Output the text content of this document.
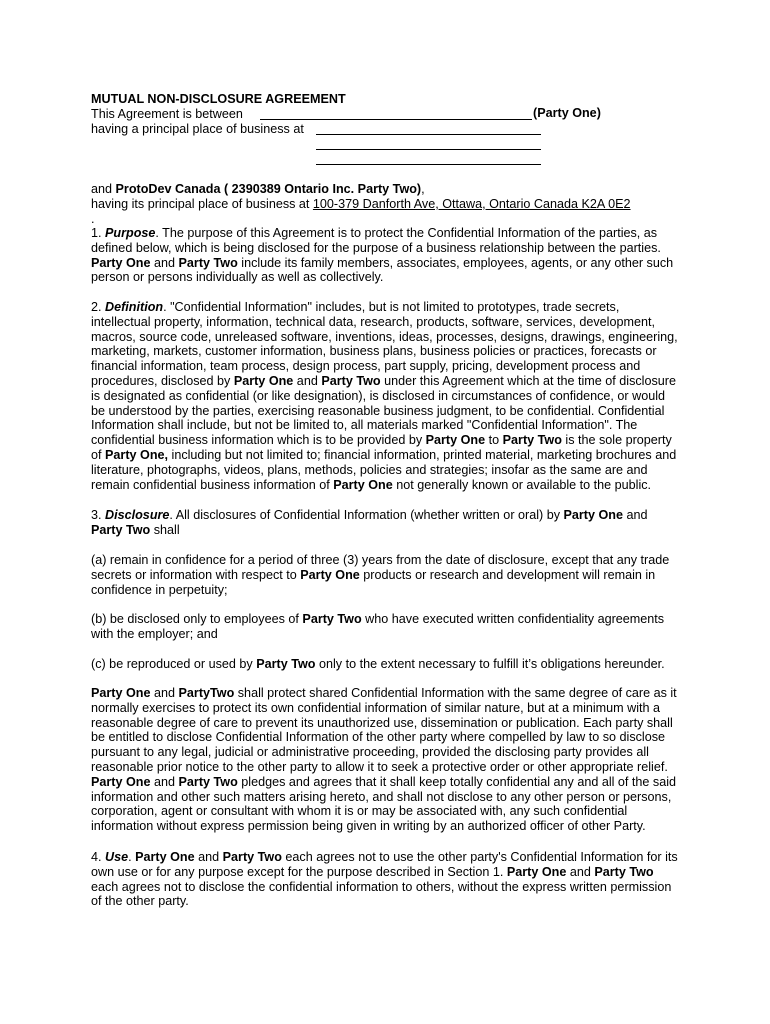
MUTUAL NON-DISCLOSURE AGREEMENT
This Agreement is between
having a principal place of business at
(Party One)
and ProtoDev Canada ( 2390389 Ontario Inc. Party Two),
having its principal place of business at 100-379 Danforth Ave, Ottawa, Ontario Canada K2A 0E2
.
1. Purpose. The purpose of this Agreement is to protect the Confidential Information of the parties, as
defined below, which is being disclosed for the purpose of a business relationship between the parties.
Party One and Party Two include its family members, associates, employees, agents, or any other such
person or persons individually as well as collectively.
2. Definition. "Confidential Information" includes, but is not limited to prototypes, trade secrets,
intellectual property, information, technical data, research, products, software, services, development,
macros, source code, unreleased software, inventions, ideas, processes, designs, drawings, engineering,
marketing, markets, customer information, business plans, business policies or practices, forecasts or
financial information, team process, design process, part supply, pricing, development process and
procedures, disclosed by Party One and Party Two under this Agreement which at the time of disclosure
is designated as confidential (or like designation), is disclosed in circumstances of confidence, or would
be understood by the parties, exercising reasonable business judgment, to be confidential. Confidential
Information shall include, but not be limited to, all materials marked "Confidential Information". The
confidential business information which is to be provided by Party One to Party Two is the sole property
of Party One, including but not limited to; financial information, printed material, marketing brochures and
literature, photographs, videos, plans, methods, policies and strategies; insofar as the same are and
remain confidential business information of Party One not generally known or available to the public.
3. Disclosure. All disclosures of Confidential Information (whether written or oral) by Party One and
Party Two shall
(a) remain in confidence for a period of three (3) years from the date of disclosure, except that any trade
secrets or information with respect to Party One products or research and development will remain in
confidence in perpetuity;
(b) be disclosed only to employees of Party Two who have executed written confidentiality agreements
with the employer; and
(c) be reproduced or used by Party Two only to the extent necessary to fulfill it’s obligations hereunder.
Party One and PartyTwo shall protect shared Confidential Information with the same degree of care as it
normally exercises to protect its own confidential information of similar nature, but at a minimum with a
reasonable degree of care to prevent its unauthorized use, dissemination or publication. Each party shall
be entitled to disclose Confidential Information of the other party where compelled by law to so disclose
pursuant to any legal, judicial or administrative proceeding, provided the disclosing party provides all
reasonable prior notice to the other party to allow it to seek a protective order or other appropriate relief.
Party One and Party Two pledges and agrees that it shall keep totally confidential any and all of the said
information and other such matters arising hereto, and shall not disclose to any other person or persons,
corporation, agent or consultant with whom it is or may be associated with, any such confidential
information without express permission being given in writing by an authorized officer of other Party.
4. Use. Party One and Party Two each agrees not to use the other party's Confidential Information for its
own use or for any purpose except for the purpose described in Section 1. Party One and Party Two
each agrees not to disclose the confidential information to others, without the express written permission
of the other party.
